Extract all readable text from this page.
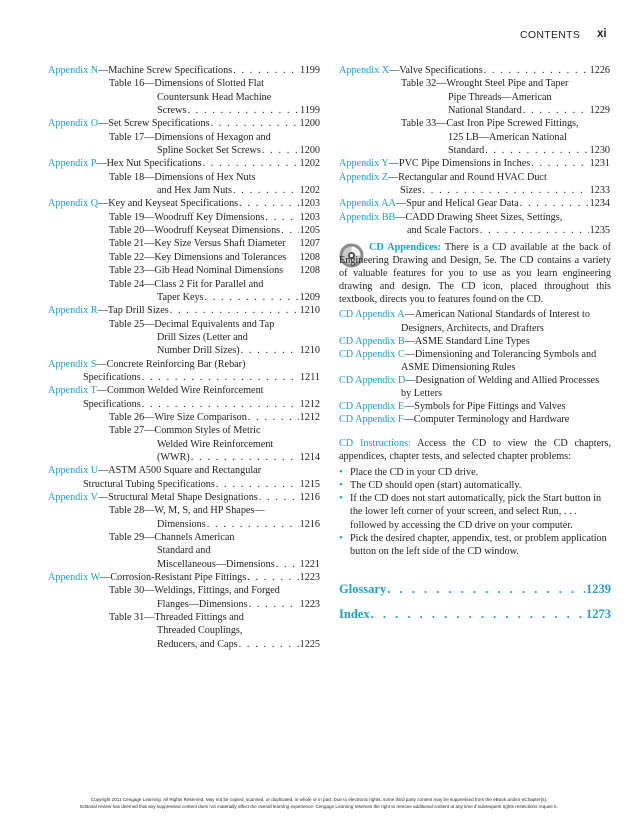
CONTENTS xi
Appendix N—Machine Screw Specifications . . .	1199
Table 16—Dimensions of Slotted Flat
Countersunk Head Machine
Screws . . .	1199
Appendix O—Set Screw Specifications . . .	1200
Table 17—Dimensions of Hexagon and
Spline Socket Set Screws . . .	1200
Appendix P—Hex Nut Specifications . . .	1202
Table 18—Dimensions of Hex Nuts
and Hex Jam Nuts . . .	1202
Appendix Q—Key and Keyseat Specifications . . .	1203
Table 19—Woodruff Key Dimensions . . .	1203
Table 20—Woodruff Keyseat Dimensions . . . 1205
Table 21—Key Size Versus Shaft Diameter 1207
Table 22—Key Dimensions and Tolerances 1208
Table 23—Gib Head Nominal Dimensions 1208
Table 24—Class 2 Fit for Parallel and
Taper Keys . . .	1209
Appendix R—Tap Drill Sizes . . .	1210
Table 25—Decimal Equivalents and Tap
Drill Sizes (Letter and
Number Drill Sizes) . . .	1210
Appendix S—Concrete Reinforcing Bar (Rebar)
Specifications . . .	1211
Appendix T—Common Welded Wire Reinforcement
Specifications . . .	1212
Table 26—Wire Size Comparison . . .	1212
Table 27—Common Styles of Metric
Welded Wire Reinforcement
(WWR) . . .	1214
Appendix U—ASTM A500 Square and Rectangular
Structural Tubing Specifications . . .	1215
Appendix V—Structural Metal Shape Designations . . .	1216
Table 28—W, M, S, and HP Shapes—
Dimensions . . .	1216
Table 29—Channels American
Standard and
Miscellaneous—Dimensions . . . 1221
Appendix W—Corrosion-Resistant Pipe Fittings . . .	1223
Table 30—Weldings, Fittings, and Forged
Flanges—Dimensions . . .	1223
Table 31—Threaded Fittings and
Threaded Couplings,
Reducers, and Caps . . .	1225
Appendix X—Valve Specifications . . .	1226
Table 32—Wrought Steel Pipe and Taper
Pipe Threads—American
National Standard . . .	1229
Table 33—Cast Iron Pipe Screwed Fittings,
125 LB—American National
Standard . . .	1230
Appendix Y—PVC Pipe Dimensions in Inches . . .	1231
Appendix Z—Rectangular and Round HVAC Duct
Sizes . . .	1233
Appendix AA—Spur and Helical Gear Data . . .	1234
Appendix BB—CADD Drawing Sheet Sizes, Settings,
and Scale Factors . . .	1235

CD Appendices: There is a CD available at the back of Engineering Drawing and Design, 5e. The CD contains a variety of valuable features for you to use as you learn engineering drawing and design. The CD icon, placed throughout this textbook, directs you to features found on the CD.

CD Appendix A—American National Standards of Interest to Designers, Architects, and Drafters
CD Appendix B—ASME Standard Line Types
CD Appendix C—Dimensioning and Tolerancing Symbols and ASME Dimensioning Rules
CD Appendix D—Designation of Welding and Allied Processes by Letters
CD Appendix E—Symbols for Pipe Fittings and Valves
CD Appendix F—Computer Terminology and Hardware

CD Instructions: Access the CD to view the CD chapters, appendices, chapter tests, and selected chapter problems:

• Place the CD in your CD drive.
• The CD should open (start) automatically.
• If the CD does not start automatically, pick the Start button in the lower left corner of your screen, and select Run, . . . followed by accessing the CD drive on your computer.
• Pick the desired chapter, appendix, test, or problem application button on the left side of the CD window.
Glossary . . .	1239
Index . . .	1273
Copyright 2011 Cengage Learning. All Rights Reserved. May not be copied, scanned, or duplicated, in whole or in part. Due to electronic rights, some third party content may be suppressed from the eBook and/or eChapter(s).
Editorial review has deemed that any suppressed content does not materially affect the overall learning experience. Cengage Learning reserves the right to remove additional content at any time if subsequent rights restrictions require it.
